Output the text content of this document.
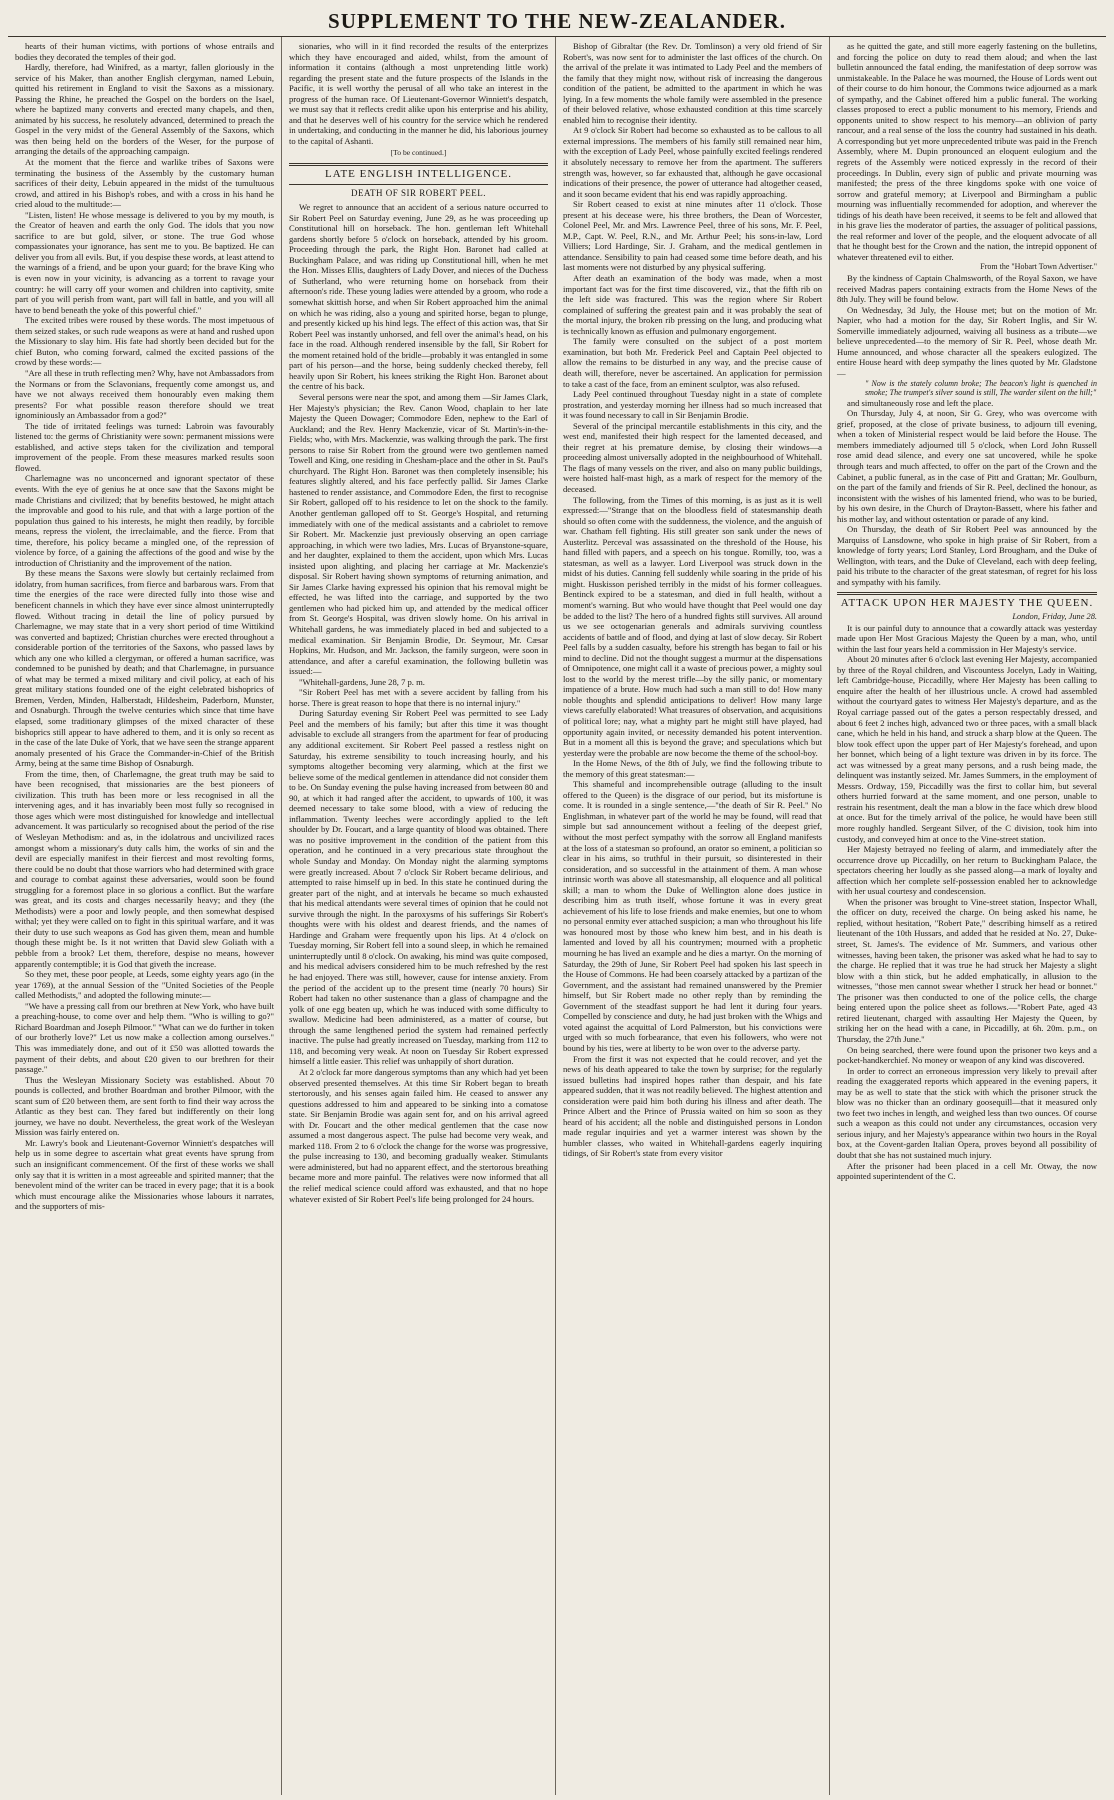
SUPPLEMENT TO THE NEW-ZEALANDER.

hearts of their human victims, with portions of whose entrails and bodies they decorated the temples of their god.

Hardly, therefore, had Winifred, as a martyr, fallen gloriously in the service of his Maker, than another English clergyman, named Lebuin, quitted his retirement in England to visit the Saxons as a missionary. Passing the Rhine, he preached the Gospel on the borders on the Isael, where he baptized many converts and erected many chapels, and then, animated by his success, he resolutely advanced, determined to preach the Gospel in the very midst of the General Assembly of the Saxons, which was then being held on the borders of the Weser, for the purpose of arranging the details of the approaching campaign.

At the moment that the fierce and warlike tribes of Saxons were terminating the business of the Assembly by the customary human sacrifices of their deity, Lebuin appeared in the midst of the tumultuous crowd, and attired in his Bishop's robes, and with a cross in his hand he cried aloud to the multitude:—

"Listen, listen! He whose message is delivered to you by my mouth, is the Creator of heaven and earth the only God. The idols that you now sacrifice to are but gold, silver, or stone. The true God whose compassionates your ignorance, has sent me to you. Be baptized. He can deliver you from all evils. But, if you despise these words, at least attend to the warnings of a friend, and be upon your guard; for the brave King who is even now in your vicinity, is advancing as a torrent to ravage your country: he will carry off your women and children into captivity, smite part of you will perish from want, part will fall in battle, and you will all have to bend beneath the yoke of this powerful chief."

The excited tribes were roused by these words. The most impetuous of them seized stakes, or such rude weapons as were at hand and rushed upon the Missionary to slay him. His fate had shortly been decided but for the chief Buton, who coming forward, calmed the excited passions of the crowd by these words:—

"Are all these in truth reflecting men? Why, have not Ambassadors from the Normans or from the Sclavonians, frequently come amongst us, and have we not always received them honourably even making them presents? For what possible reason therefore should we treat ignominiously an Ambassador from a god?"

The tide of irritated feelings was turned: Labroin was favourably listened to: the germs of Christianity were sown: permanent missions were established, and active steps taken for the civilization and temporal improvement of the people. From these measures marked results soon flowed.

Charlemagne was no unconcerned and ignorant spectator of these events. With the eye of genius he at once saw that the Saxons might be made Christians and civilized; that by benefits bestowed, he might attach the improvable and good to his rule, and that with a large portion of the population thus gained to his interests, he might then readily, by forcible means, repress the violent, the irreclaimable, and the fierce. From that time, therefore, his policy became a mingled one, of the repression of violence by force, of a gaining the affections of the good and wise by the introduction of Christianity and the improvement of the nation.

By these means the Saxons were slowly but certainly reclaimed from idolatry, from human sacrifices, from fierce and barbarous wars. From that time the energies of the race were directed fully into those wise and beneficent channels in which they have ever since almost uninterruptedly flowed. Without tracing in detail the line of policy pursued by Charlemagne, we may state that in a very short period of time Wittikind was converted and baptized; Christian churches were erected throughout a considerable portion of the territories of the Saxons, who passed laws by which any one who killed a clergyman, or offered a human sacrifice, was condemned to be punished by death; and that Charlemagne, in pursuance of what may be termed a mixed military and civil policy, at each of his great military stations founded one of the eight celebrated bishoprics of Bremen, Verden, Minden, Halberstadt, Hildesheim, Paderborn, Munster, and Osnaburgh. Through the twelve centuries which since that time have elapsed, some traditionary glimpses of the mixed character of these bishoprics still appear to have adhered to them, and it is only so recent as in the case of the late Duke of York, that we have seen the strange apparent anomaly presented of his Grace the Commander-in-Chief of the British Army, being at the same time Bishop of Osnaburgh.

From the time, then, of Charlemagne, the great truth may be said to have been recognised, that missionaries are the best pioneers of civilization. This truth has been more or less recognised in all the intervening ages, and it has invariably been most fully so recognised in those ages which were most distinguished for knowledge and intellectual advancement. It was particularly so recognised about the period of the rise of Wesleyan Methodism: and as, in the idolatrous and uncivilized races amongst whom a missionary's duty calls him, the works of sin and the devil are especially manifest in their fiercest and most revolting forms, there could be no doubt that those warriors who had determined with grace and courage to combat against these adversaries, would soon be found struggling for a foremost place in so glorious a conflict. But the warfare was great, and its costs and charges necessarily heavy; and they (the Methodists) were a poor and lowly people, and then somewhat despised withal; yet they were called on to fight in this spiritual warfare, and it was their duty to use such weapons as God has given them, mean and humble though these might be. Is it not written that David slew Goliath with a pebble from a brook? Let them, therefore, despise no means, however apparently contemptible; it is God that giveth the increase.

So they met, these poor people, at Leeds, some eighty years ago (in the year 1769), at the annual Session of the "United Societies of the People called Methodists," and adopted the following minute:—

"We have a pressing call from our brethren at New York, who have built a preaching-house, to come over and help them. "Who is willing to go?" Richard Boardman and Joseph Pilmoor." "What can we do further in token of our brotherly love?" Let us now make a collection among ourselves." This was immediately done, and out of it £50 was allotted towards the payment of their debts, and about £20 given to our brethren for their passage."

Thus the Wesleyan Missionary Society was established. About 70 pounds is collected, and brother Boardman and brother Pilmoor, with the scant sum of £20 between them, are sent forth to find their way across the Atlantic as they best can. They fared but indifferently on their long journey, we have no doubt. Nevertheless, the great work of the Wesleyan Mission was fairly entered on.

Mr. Lawry's book and Lieutenant-Governor Winniett's despatches will help us in some degree to ascertain what great events have sprung from such an insignificant commencement. Of the first of these works we shall only say that it is written in a most agreeable and spirited manner; that the benevolent mind of the writer can be traced in every page; that it is a book which must encourage alike the Missionaries whose labours it narrates, and the supporters of mis-

sionaries, who will in it find recorded the results of the enterprizes which they have encouraged and aided, whilst, from the amount of information it contains (although a most unpretending little work) regarding the present state and the future prospects of the Islands in the Pacific, it is well worthy the perusal of all who take an interest in the progress of the human race. Of Lieutenant-Governor Winniett's despatch, we must say that it reflects credit alike upon his enterprise and his ability, and that he deserves well of his country for the service which he rendered in undertaking, and conducting in the manner he did, his laborious journey to the capital of Ashanti.

[To be continued.]
LATE ENGLISH INTELLIGENCE.
DEATH OF SIR ROBERT PEEL.

We regret to announce that an accident of a serious nature occurred to Sir Robert Peel on Saturday evening, June 29, as he was proceeding up Constitutional hill on horseback. The hon. gentleman left Whitehall gardens shortly before 5 o'clock on horseback, attended by his groom. Proceeding through the park, the Right Hon. Baronet had called at Buckingham Palace, and was riding up Constitutional hill, when he met the Hon. Misses Ellis, daughters of Lady Dover, and nieces of the Duchess of Sutherland, who were returning home on horseback from their afternoon's ride. These young ladies were attended by a groom, who rode a somewhat skittish horse, and when Sir Robert approached him the animal on which he was riding, also a young and spirited horse, began to plunge, and presently kicked up his hind legs. The effect of this action was, that Sir Robert Peel was instantly unhorsed, and fell over the animal's head, on his face in the road. Although rendered insensible by the fall, Sir Robert for the moment retained hold of the bridle—probably it was entangled in some part of his person—and the horse, being suddenly checked thereby, fell heavily upon Sir Robert, his knees striking the Right Hon. Baronet about the centre of his back.

Several persons were near the spot, and among them —Sir James Clark, Her Majesty's physician; the Rev. Canon Wood, chaplain to her late Majesty the Queen Dowager; Commodore Eden, nephew to the Earl of Auckland; and the Rev. Henry Mackenzie, vicar of St. Martin's-in-the-Fields; who, with Mrs. Mackenzie, was walking through the park. The first persons to raise Sir Robert from the ground were two gentlemen named Towell and King, one residing in Chesham-place and the other in St. Paul's churchyard. The Right Hon. Baronet was then completely insensible; his features slightly altered, and his face perfectly pallid. Sir James Clarke hastened to render assistance, and Commodore Eden, the first to recognise Sir Robert, galloped off to his residence to let on the shock to the family. Another gentleman galloped off to St. George's Hospital, and returning immediately with one of the medical assistants and a cabriolet to remove Sir Robert. Mr. Mackenzie just previously observing an open carriage approaching, in which were two ladies, Mrs. Lucas of Bryanstone-square, and her daughter, explained to them the accident, upon which Mrs. Lucas insisted upon alighting, and placing her carriage at Mr. Mackenzie's disposal. Sir Robert having shown symptoms of returning animation, and Sir James Clarke having expressed his opinion that his removal might be effected, he was lifted into the carriage, and supported by the two gentlemen who had picked him up, and attended by the medical officer from St. George's Hospital, was driven slowly home. On his arrival in Whitehall gardens, he was immediately placed in bed and subjected to a medical examination. Sir Benjamin Brodie, Dr. Seymour, Mr. Cæsar Hopkins, Mr. Hudson, and Mr. Jackson, the family surgeon, were soon in attendance, and after a careful examination, the following bulletin was issued:—

"Whitehall-gardens, June 28, 7 p. m.

"Sir Robert Peel has met with a severe accident by falling from his horse. There is great reason to hope that there is no internal injury."

During Saturday evening Sir Robert Peel was permitted to see Lady Peel and the members of his family; but after this time it was thought advisable to exclude all strangers from the apartment for fear of producing any additional excitement. Sir Robert Peel passed a restless night on Saturday, his extreme sensibility to touch increasing hourly, and his symptoms altogether becoming very alarming, which at the first we believe some of the medical gentlemen in attendance did not consider them to be. On Sunday evening the pulse having increased from between 80 and 90, at which it had ranged after the accident, to upwards of 100, it was deemed necessary to take some blood, with a view of reducing the inflammation. Twenty leeches were accordingly applied to the left shoulder by Dr. Foucart, and a large quantity of blood was obtained. There was no positive improvement in the condition of the patient from this operation, and he continued in a very precarious state throughout the whole Sunday and Monday. On Monday night the alarming symptoms were greatly increased. About 7 o'clock Sir Robert became delirious, and attempted to raise himself up in bed. In this state he continued during the greater part of the night, and at intervals he became so much exhausted that his medical attendants were several times of opinion that he could not survive through the night. In the paroxysms of his sufferings Sir Robert's thoughts were with his oldest and dearest friends, and the names of Hardinge and Graham were frequently upon his lips. At 4 o'clock on Tuesday morning, Sir Robert fell into a sound sleep, in which he remained uninterruptedly until 8 o'clock. On awaking, his mind was quite composed, and his medical advisers considered him to be much refreshed by the rest he had enjoyed. There was still, however, cause for intense anxiety. From the period of the accident up to the present time (nearly 70 hours) Sir Robert had taken no other sustenance than a glass of champagne and the yolk of one egg beaten up, which he was induced with some difficulty to swallow. Medicine had been administered, as a matter of course, but through the same lengthened period the system had remained perfectly inactive. The pulse had greatly increased on Tuesday, marking from 112 to 118, and becoming very weak. At noon on Tuesday Sir Robert expressed himself a little easier. This relief was unhappily of short duration.

At 2 o'clock far more dangerous symptoms than any which had yet been observed presented themselves. At this time Sir Robert began to breath stertorously, and his senses again failed him. He ceased to answer any questions addressed to him and appeared to be sinking into a comatose state. Sir Benjamin Brodie was again sent for, and on his arrival agreed with Dr. Foucart and the other medical gentlemen that the case now assumed a most dangerous aspect. The pulse had become very weak, and marked 118. From 2 to 6 o'clock the change for the worse was progressive, the pulse increasing to 130, and becoming gradually weaker. Stimulants were administered, but had no apparent effect, and the stertorous breathing became more and more painful. The relatives were now informed that all the relief medical science could afford was exhausted, and that no hope whatever existed of Sir Robert Peel's life being prolonged for 24 hours.

Bishop of Gibraltar (the Rev. Dr. Tomlinson) a very old friend of Sir Robert's, was now sent for to administer the last offices of the church. On the arrival of the prelate it was intimated to Lady Peel and the members of the family that they might now, without risk of increasing the dangerous condition of the patient, be admitted to the apartment in which he was lying. In a few moments the whole family were assembled in the presence of their beloved relative, whose exhausted condition at this time scarcely enabled him to recognise their identity.

At 9 o'clock Sir Robert had become so exhausted as to be callous to all external impressions. The members of his family still remained near him, with the exception of Lady Peel, whose painfully excited feelings rendered it absolutely necessary to remove her from the apartment. The sufferers strength was, however, so far exhausted that, although he gave occasional indications of their presence, the power of utterance had altogether ceased, and it soon became evident that his end was rapidly approaching.

Sir Robert ceased to exist at nine minutes after 11 o'clock. Those present at his decease were, his three brothers, the Dean of Worcester, Colonel Peel, Mr. and Mrs. Lawrence Peel, three of his sons, Mr. F. Peel, M.P., Capt. W. Peel, R.N., and Mr. Arthur Peel; his sons-in-law, Lord Villiers; Lord Hardinge, Sir. J. Graham, and the medical gentlemen in attendance. Sensibility to pain had ceased some time before death, and his last moments were not disturbed by any physical suffering.

After death an examination of the body was made, when a most important fact was for the first time discovered, viz., that the fifth rib on the left side was fractured. This was the region where Sir Robert complained of suffering the greatest pain and it was probably the seat of the mortal injury, the broken rib pressing on the lung, and producing what is technically known as effusion and pulmonary engorgement.

The family were consulted on the subject of a post mortem examination, but both Mr. Frederick Peel and Captain Peel objected to allow the remains to be disturbed in any way, and the precise cause of death will, therefore, never be ascertained. An application for permission to take a cast of the face, from an eminent sculptor, was also refused.

Lady Peel continued throughout Tuesday night in a state of complete prostration, and yesterday morning her illness had so much increased that it was found necessary to call in Sir Benjamin Brodie.

Several of the principal mercantile establishments in this city, and the west end, manifested their high respect for the lamented deceased, and their regret at his premature demise, by closing their windows—a proceeding almost universally adopted in the neighbourhood of Whitehall. The flags of many vessels on the river, and also on many public buildings, were hoisted half-mast high, as a mark of respect for the memory of the deceased.

The following, from the Times of this morning, is as just as it is well expressed:—"Strange that on the bloodless field of statesmanship death should so often come with the suddenness, the violence, and the anguish of war. Chatham fell fighting. His still greater son sank under the news of Austerlitz. Perceval was assassinated on the threshold of the House, his hand filled with papers, and a speech on his tongue. Romilly, too, was a statesman, as well as a lawyer. Lord Liverpool was struck down in the midst of his duties. Canning fell suddenly while soaring in the pride of his might. Huskisson perished terribly in the midst of his former colleagues. Bentinck expired to be a statesman, and died in full health, without a moment's warning. But who would have thought that Peel would one day be added to the list? The hero of a hundred fights still survives. All around us we see octogenarian generals and admirals surviving countless accidents of battle and of flood, and dying at last of slow decay. Sir Robert Peel falls by a sudden casualty, before his strength has began to fail or his mind to decline. Did not the thought suggest a murmur at the dispensations of Omnipotence, one might call it a waste of precious power, a mighty soul lost to the world by the merest trifle—by the silly panic, or momentary impatience of a brute. How much had such a man still to do! How many noble thoughts and splendid anticipations to deliver! How many large views carefully elaborated! What treasures of observation, and acquisitions of political lore; nay, what a mighty part he might still have played, had opportunity again invited, or necessity demanded his potent intervention. But in a moment all this is beyond the grave; and speculations which but yesterday were the probable are now become the theme of the school-boy.

In the Home News, of the 8th of July, we find the following tribute to the memory of this great statesman:—

This shameful and incomprehensible outrage (alluding to the insult offered to the Queen) is the disgrace of our period, but its misfortune is come. It is rounded in a single sentence,—"the death of Sir R. Peel." No Englishman, in whatever part of the world he may be found, will read that simple but sad announcement without a feeling of the deepest grief, without the most perfect sympathy with the sorrow all England manifests at the loss of a statesman so profound, an orator so eminent, a politician so clear in his aims, so truthful in their pursuit, so disinterested in their consideration, and so successful in the attainment of them. A man whose intrinsic worth was above all statesmanship, all eloquence and all political skill; a man to whom the Duke of Wellington alone does justice in describing him as truth itself, whose fortune it was in every great achievement of his life to lose friends and make enemies, but one to whom no personal enmity ever attached suspicion; a man who throughout his life was honoured most by those who knew him best, and in his death is lamented and loved by all his countrymen; mourned with a prophetic mourning he has lived an example and he dies a martyr. On the morning of Saturday, the 29th of June, Sir Robert Peel had spoken his last speech in the House of Commons. He had been coarsely attacked by a partizan of the Government, and the assistant had remained unanswered by the Premier himself, but Sir Robert made no other reply than by reminding the Government of the steadfast support he had lent it during four years. Compelled by conscience and duty, he had just broken with the Whigs and voted against the acquittal of Lord Palmerston, but his convictions were urged with so much forbearance, that even his followers, who were not bound by his ties, were at liberty to be won over to the adverse party.

From the first it was not expected that he could recover, and yet the news of his death appeared to take the town by surprise; for the regularly issued bulletins had inspired hopes rather than despair, and his fate appeared sudden, that it was not readily believed. The highest attention and consideration were paid him both during his illness and after death. The Prince Albert and the Prince of Prussia waited on him so soon as they heard of his accident; all the noble and distinguished persons in London made regular inquiries and yet a warmer interest was shown by the humbler classes, who waited in Whitehall-gardens eagerly inquiring tidings, of Sir Robert's state from every visitor

as he quitted the gate, and still more eagerly fastening on the bulletins, and forcing the police on duty to read them aloud; and when the last bulletin announced the fatal ending, the manifestation of deep sorrow was unmistakeable. In the Palace he was mourned, the House of Lords went out of their course to do him honour, the Commons twice adjourned as a mark of sympathy, and the Cabinet offered him a public funeral. The working classes proposed to erect a public monument to his memory, Friends and opponents united to show respect to his memory—an oblivion of party rancour, and a real sense of the loss the country had sustained in his death. A corresponding but yet more unprecedented tribute was paid in the French Assembly, where M. Dupin pronounced an eloquent eulogium and the regrets of the Assembly were noticed expressly in the record of their proceedings. In Dublin, every sign of public and private mourning was manifested; the press of the three kingdoms spoke with one voice of sorrow and grateful memory; at Liverpool and Birmingham a public mourning was influentially recommended for adoption, and wherever the tidings of his death have been received, it seems to be felt and allowed that in his grave lies the moderator of parties, the assuager of political passions, the real reformer and lover of the people, and the eloquent advocate of all that he thought best for the Crown and the nation, the intrepid opponent of whatever threatened evil to either.

From the "Hobart Town Advertiser."

By the kindness of Captain Chalmsworth, of the Royal Saxon, we have received Madras papers containing extracts from the Home News of the 8th July. They will be found below.

On Wednesday, 3d July, the House met; but on the motion of Mr. Napier, who had a motion for the day, Sir Robert Inglis, and Sir W. Somerville immediately adjourned, waiving all business as a tribute—we believe unprecedented—to the memory of Sir R. Peel, whose death Mr. Hume announced, and whose character all the speakers eulogized. The entire House heard with deep sympathy the lines quoted by Mr. Gladstone—

" Now is the stately column broke; The beacon's light is quenched in smoke; The trumpet's silver sound is still, The warder silent on the hill;"

and simultaneously rose and left the place.

On Thursday, July 4, at noon, Sir G. Grey, who was overcome with grief, proposed, at the close of private business, to adjourn till evening, when a token of Ministerial respect would be laid before the House. The members immediately adjourned till 5 o'clock, when Lord John Russell rose amid dead silence, and every one sat uncovered, while he spoke through tears and much affected, to offer on the part of the Crown and the Cabinet, a public funeral, as in the case of Pitt and Grattan; Mr. Goulburn, on the part of the family and friends of Sir R. Peel, declined the honour, as inconsistent with the wishes of his lamented friend, who was to be buried, by his own desire, in the Church of Drayton-Bassett, where his father and his mother lay, and without ostentation or parade of any kind.

On Thursday, the death of Sir Robert Peel was announced by the Marquiss of Lansdowne, who spoke in high praise of Sir Robert, from a knowledge of forty years; Lord Stanley, Lord Brougham, and the Duke of Wellington, with tears, and the Duke of Cleveland, each with deep feeling, paid his tribute to the character of the great statesman, of regret for his loss and sympathy with his family.

ATTACK UPON HER MAJESTY THE QUEEN.
London, Friday, June 28.

It is our painful duty to announce that a cowardly attack was yesterday made upon Her Most Gracious Majesty the Queen by a man, who, until within the last four years held a commission in Her Majesty's service.

About 20 minutes after 6 o'clock last evening Her Majesty, accompanied by three of the Royal children, and Viscountess Jocelyn, Lady in Waiting, left Cambridge-house, Piccadilly, where Her Majesty has been calling to enquire after the health of her illustrious uncle. A crowd had assembled without the courtyard gates to witness Her Majesty's departure, and as the Royal carriage passed out of the gates a person respectably dressed, and about 6 feet 2 inches high, advanced two or three paces, with a small black cane, which he held in his hand, and struck a sharp blow at the Queen. The blow took effect upon the upper part of Her Majesty's forehead, and upon her bonnet, which being of a light texture was driven in by its force. The act was witnessed by a great many persons, and a rush being made, the delinquent was instantly seized. Mr. James Summers, in the employment of Messrs. Ordway, 159, Piccadilly was the first to collar him, but several others hurried forward at the same moment, and one person, unable to restrain his resentment, dealt the man a blow in the face which drew blood at once. But for the timely arrival of the police, he would have been still more roughly handled. Sergeant Silver, of the C division, took him into custody, and conveyed him at once to the Vine-street station.

Her Majesty betrayed no feeling of alarm, and immediately after the occurrence drove up Piccadilly, on her return to Buckingham Palace, the spectators cheering her loudly as she passed along—a mark of loyalty and affection which her complete self-possession enabled her to acknowledge with her usual courtesy and condescension.

When the prisoner was brought to Vine-street station, Inspector Whall, the officer on duty, received the charge. On being asked his name, he replied, without hesitation, "Robert Pate," describing himself as a retired lieutenant of the 10th Hussars, and added that he resided at No. 27, Duke-street, St. James's. The evidence of Mr. Summers, and various other witnesses, having been taken, the prisoner was asked what he had to say to the charge. He replied that it was true he had struck her Majesty a slight blow with a thin stick, but he added emphatically, in allusion to the witnesses, "those men cannot swear whether I struck her head or bonnet." The prisoner was then conducted to one of the police cells, the charge being entered upon the police sheet as follows.—"Robert Pate, aged 43 retired lieutenant, charged with assaulting Her Majesty the Queen, by striking her on the head with a cane, in Piccadilly, at 6h. 20m. p.m., on Thursday, the 27th June."

On being searched, there were found upon the prisoner two keys and a pocket-handkerchief. No money or weapon of any kind was discovered.

In order to correct an erroneous impression very likely to prevail after reading the exaggerated reports which appeared in the evening papers, it may be as well to state that the stick with which the prisoner struck the blow was no thicker than an ordinary goosequill—that it measured only two feet two inches in length, and weighed less than two ounces. Of course such a weapon as this could not under any circumstances, occasion very serious injury, and her Majesty's appearance within two hours in the Royal box, at the Covent-garden Italian Opera, proves beyond all possibility of doubt that she has not sustained much injury.

After the prisoner had been placed in a cell Mr. Otway, the now appointed superintendent of the C.
